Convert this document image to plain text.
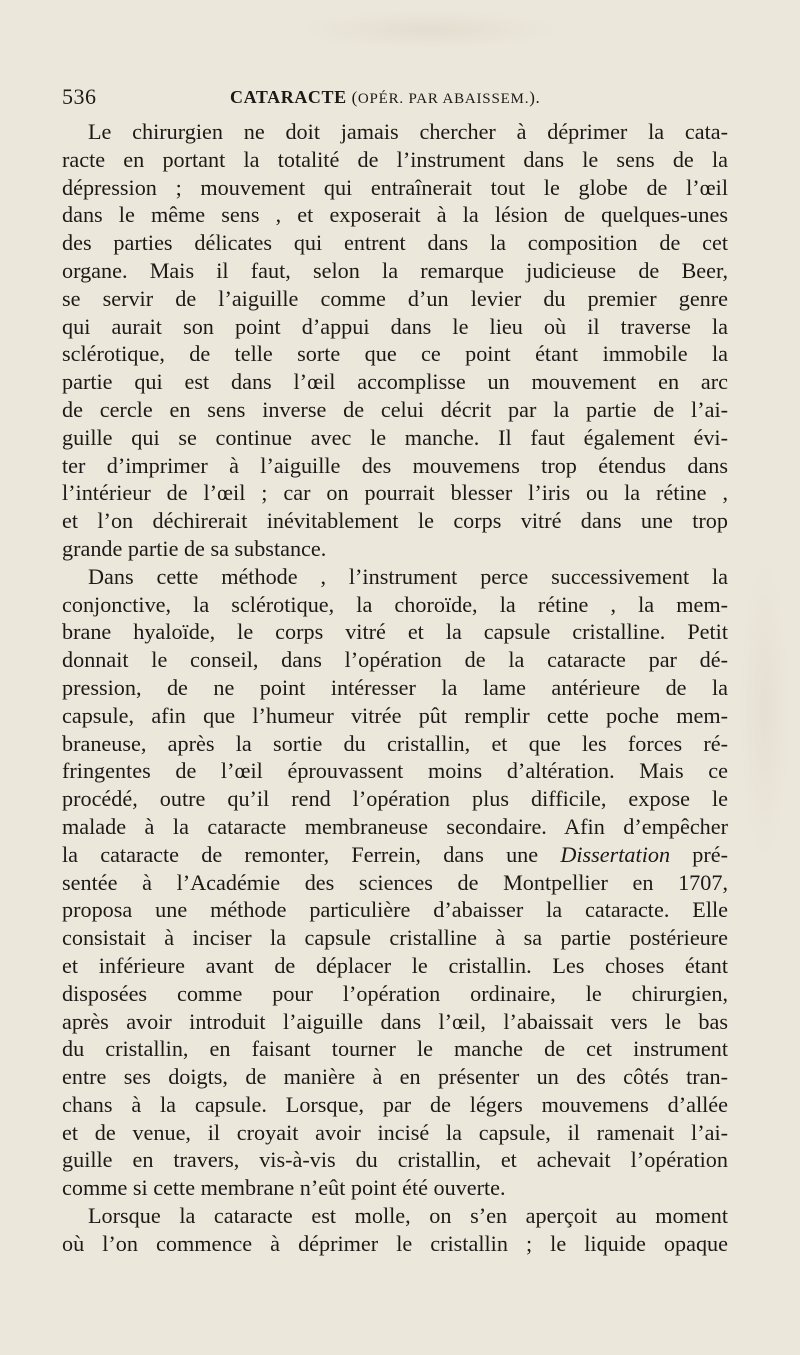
536	CATARACTE (OPÉR. PAR ABAISSEM.).
Le chirurgien ne doit jamais chercher à déprimer la cata-
racte en portant la totalité de l’instrument dans le sens de la
dépression ; mouvement qui entraînerait tout le globe de l’œil
dans le même sens , et exposerait à la lésion de quelques-unes
des parties délicates qui entrent dans la composition de cet
organe. Mais il faut, selon la remarque judicieuse de Beer,
se servir de l’aiguille comme d’un levier du premier genre
qui aurait son point d’appui dans le lieu où il traverse la
sclérotique, de telle sorte que ce point étant immobile la
partie qui est dans l’œil accomplisse un mouvement en arc
de cercle en sens inverse de celui décrit par la partie de l’ai-
guille qui se continue avec le manche. Il faut également évi-
ter d’imprimer à l’aiguille des mouvemens trop étendus dans
l’intérieur de l’œil ; car on pourrait blesser l’iris ou la rétine ,
et l’on déchirerait inévitablement le corps vitré dans une trop
grande partie de sa substance.
Dans cette méthode , l’instrument perce successivement la
conjonctive, la sclérotique, la choroïde, la rétine , la mem-
brane hyaloïde, le corps vitré et la capsule cristalline. Petit
donnait le conseil, dans l’opération de la cataracte par dé-
pression, de ne point intéresser la lame antérieure de la
capsule, afin que l’humeur vitrée pût remplir cette poche mem-
braneuse, après la sortie du cristallin, et que les forces ré-
fringentes de l’œil éprouvassent moins d’altération. Mais ce
procédé, outre qu’il rend l’opération plus difficile, expose le
malade à la cataracte membraneuse secondaire. Afin d’empêcher
la cataracte de remonter, Ferrein, dans une Dissertation pré-
sentée à l’Académie des sciences de Montpellier en 1707,
proposa une méthode particulière d’abaisser la cataracte. Elle
consistait à inciser la capsule cristalline à sa partie postérieure
et inférieure avant de déplacer le cristallin. Les choses étant
disposées comme pour l’opération ordinaire, le chirurgien,
après avoir introduit l’aiguille dans l’œil, l’abaissait vers le bas
du cristallin, en faisant tourner le manche de cet instrument
entre ses doigts, de manière à en présenter un des côtés tran-
chans à la capsule. Lorsque, par de légers mouvemens d’allée
et de venue, il croyait avoir incisé la capsule, il ramenait l’ai-
guille en travers, vis-à-vis du cristallin, et achevait l’opération
comme si cette membrane n’eût point été ouverte.
Lorsque la cataracte est molle, on s’en aperçoit au moment
où l’on commence à déprimer le cristallin ; le liquide opaque
